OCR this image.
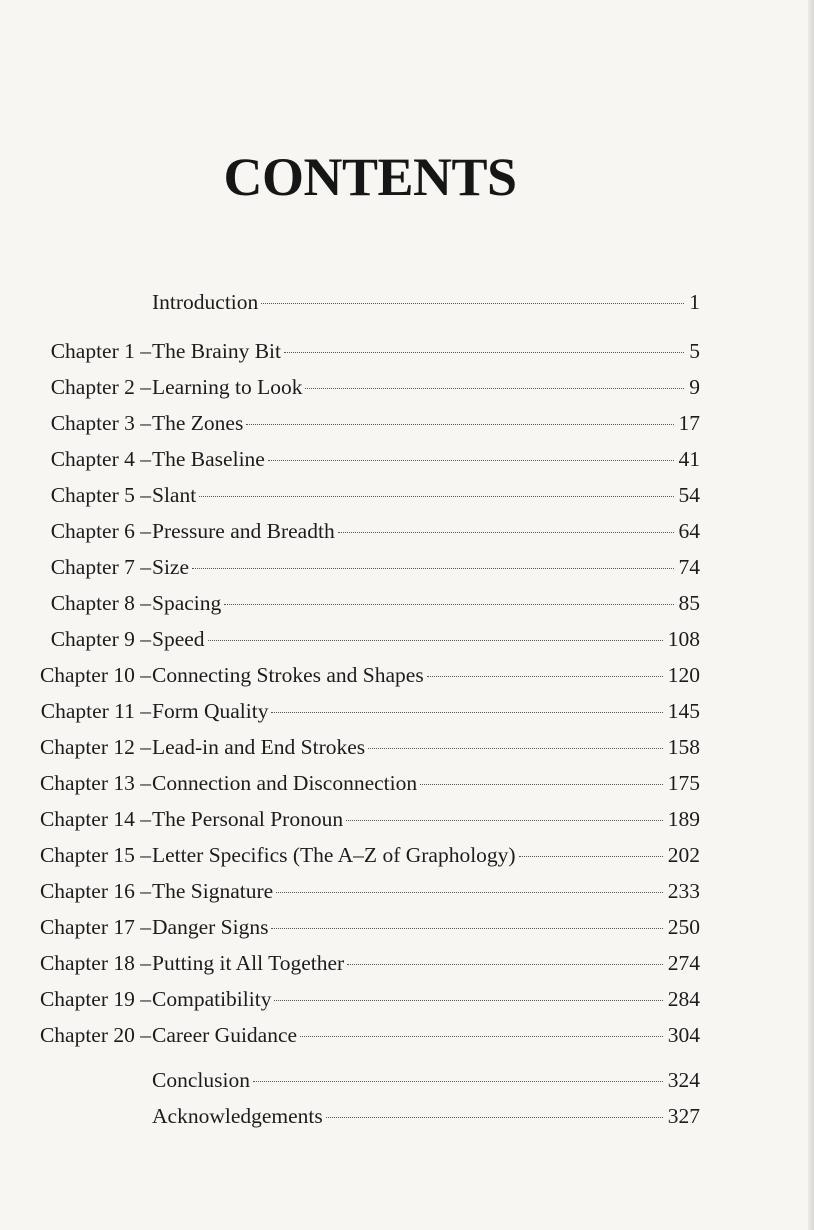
CONTENTS
Introduction	1
Chapter 1 – The Brainy Bit	5
Chapter 2 – Learning to Look	9
Chapter 3 – The Zones	17
Chapter 4 – The Baseline	41
Chapter 5 – Slant	54
Chapter 6 – Pressure and Breadth	64
Chapter 7 – Size	74
Chapter 8 – Spacing	85
Chapter 9 – Speed	108
Chapter 10 – Connecting Strokes and Shapes	120
Chapter 11 – Form Quality	145
Chapter 12 – Lead-in and End Strokes	158
Chapter 13 – Connection and Disconnection	175
Chapter 14 – The Personal Pronoun	189
Chapter 15 – Letter Specifics (The A–Z of Graphology)	202
Chapter 16 – The Signature	233
Chapter 17 – Danger Signs	250
Chapter 18 – Putting it All Together	274
Chapter 19 – Compatibility	284
Chapter 20 – Career Guidance	304
Conclusion	324
Acknowledgements	327
